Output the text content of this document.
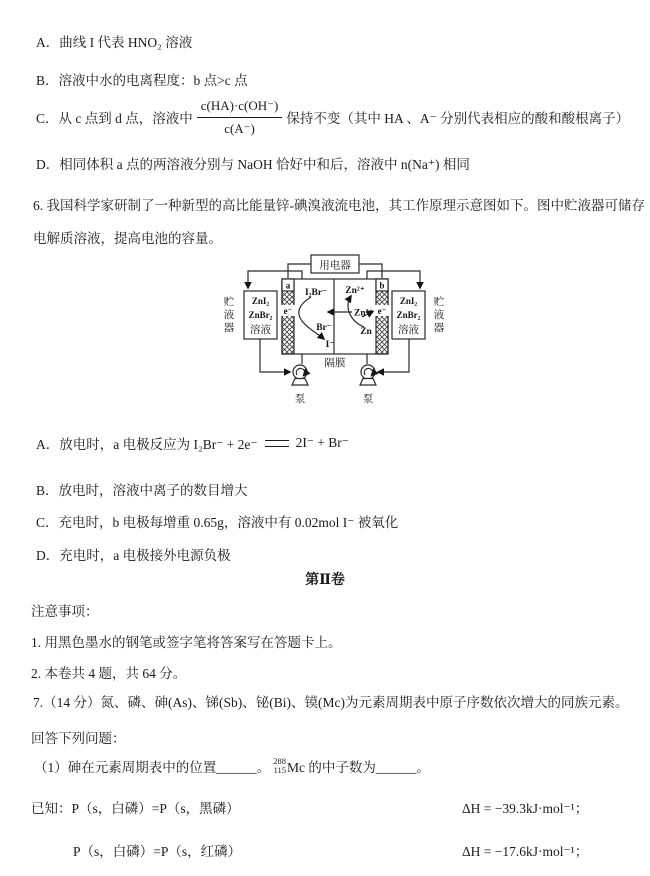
A．曲线 I 代表 HNO₂ 溶液
B．溶液中水的电离程度：b 点>c 点
C．从 c 点到 d 点，溶液中 $\frac{c(HA)\cdot c(OH^-)}{c(A^-)}$ 保持不变（其中 HA 、A⁻ 分别代表相应的酸和酸根离子）
D．相同体积 a 点的两溶液分别与 NaOH 恰好中和后，溶液中 n(Na⁺) 相同
6. 我国科学家研制了一种新型的高比能量锌-碘溴液流电池，其工作原理示意图如下。图中贮液器可储存
电解质溶液，提高电池的容量。
用电器
a	b
e⁻	e⁻
I₂Br⁻
Br⁻
I⁻
Zn²⁺
Zn²⁺
Zn
ZnI₂
ZnBr₂
溶液
ZnI₂
ZnBr₂
溶液
贮
液
器
贮
液
器
泵	泵
隔膜
A．放电时，a 电极反应为 I₂Br⁻ + 2e⁻	2I⁻ + Br⁻
B．放电时，溶液中离子的数目增大
C．充电时，b 电极每增重 0.65g，溶液中有 0.02mol I⁻ 被氧化
D．充电时，a 电极接外电源负极
第Ⅱ卷
注意事项：
1. 用黑色墨水的钢笔或签字笔将答案写在答题卡上。
2. 本卷共 4 题，共 64 分。
7.（14 分）氮、磷、砷(As)、锑(Sb)、铋(Bi)、镆(Mc)为元素周期表中原子序数依次增大的同族元素。
回答下列问题：
（1）砷在元素周期表中的位置______。 288
115 Mc 的中子数为______。
已知：P（s，白磷）=P（s，黑磷）	ΔH = −39.3kJ·mol⁻¹；
P（s，白磷）=P（s，红磷）	ΔH = −17.6kJ·mol⁻¹；
